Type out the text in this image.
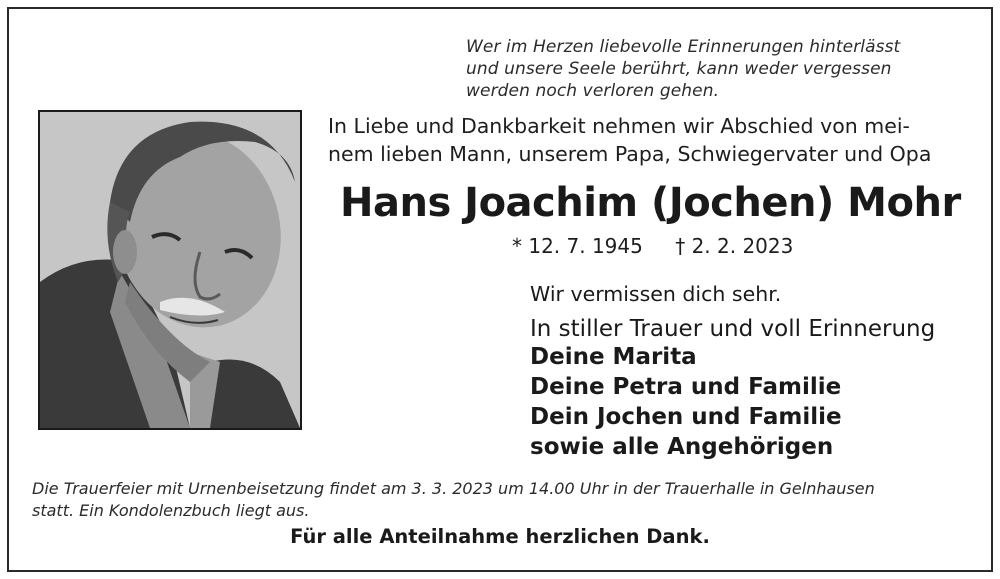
Wer im Herzen liebevolle Erinnerungen hinterlässt
und unsere Seele berührt, kann weder vergessen
werden noch verloren gehen.
In Liebe und Dankbarkeit nehmen wir Abschied von mei-
nem lieben Mann, unserem Papa, Schwiegervater und Opa
Hans Joachim (Jochen) Mohr
* 12. 7. 1945 † 2. 2. 2023
Wir vermissen dich sehr.
In stiller Trauer und voll Erinnerung
Deine Marita
Deine Petra und Familie
Dein Jochen und Familie
sowie alle Angehörigen
Die Trauerfeier mit Urnenbeisetzung findet am 3. 3. 2023 um 14.00 Uhr in der Trauerhalle in Gelnhausen
statt. Ein Kondolenzbuch liegt aus.
Für alle Anteilnahme herzlichen Dank.
